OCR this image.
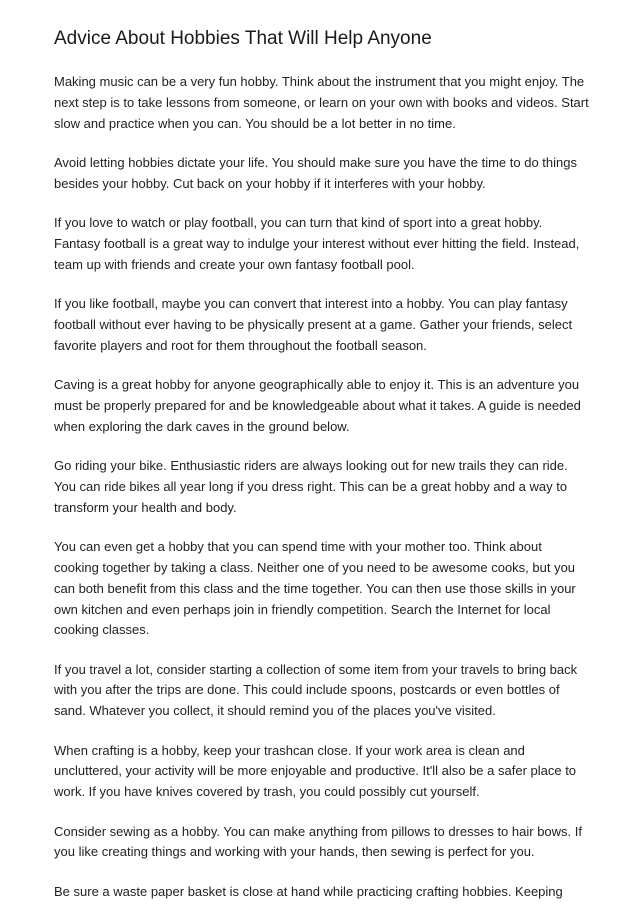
Advice About Hobbies That Will Help Anyone

Making music can be a very fun hobby. Think about the instrument that you might enjoy. The
next step is to take lessons from someone, or learn on your own with books and videos. Start
slow and practice when you can. You should be a lot better in no time.

Avoid letting hobbies dictate your life. You should make sure you have the time to do things
besides your hobby. Cut back on your hobby if it interferes with your hobby.

If you love to watch or play football, you can turn that kind of sport into a great hobby.
Fantasy football is a great way to indulge your interest without ever hitting the field. Instead,
team up with friends and create your own fantasy football pool.

If you like football, maybe you can convert that interest into a hobby. You can play fantasy
football without ever having to be physically present at a game. Gather your friends, select
favorite players and root for them throughout the football season.

Caving is a great hobby for anyone geographically able to enjoy it. This is an adventure you
must be properly prepared for and be knowledgeable about what it takes. A guide is needed
when exploring the dark caves in the ground below.

Go riding your bike. Enthusiastic riders are always looking out for new trails they can ride.
You can ride bikes all year long if you dress right. This can be a great hobby and a way to
transform your health and body.

You can even get a hobby that you can spend time with your mother too. Think about
cooking together by taking a class. Neither one of you need to be awesome cooks, but you
can both benefit from this class and the time together. You can then use those skills in your
own kitchen and even perhaps join in friendly competition. Search the Internet for local
cooking classes.

If you travel a lot, consider starting a collection of some item from your travels to bring back
with you after the trips are done. This could include spoons, postcards or even bottles of
sand. Whatever you collect, it should remind you of the places you've visited.

When crafting is a hobby, keep your trashcan close. If your work area is clean and
uncluttered, your activity will be more enjoyable and productive. It'll also be a safer place to
work. If you have knives covered by trash, you could possibly cut yourself.

Consider sewing as a hobby. You can make anything from pillows to dresses to hair bows. If
you like creating things and working with your hands, then sewing is perfect for you.

Be sure a waste paper basket is close at hand while practicing crafting hobbies. Keeping
